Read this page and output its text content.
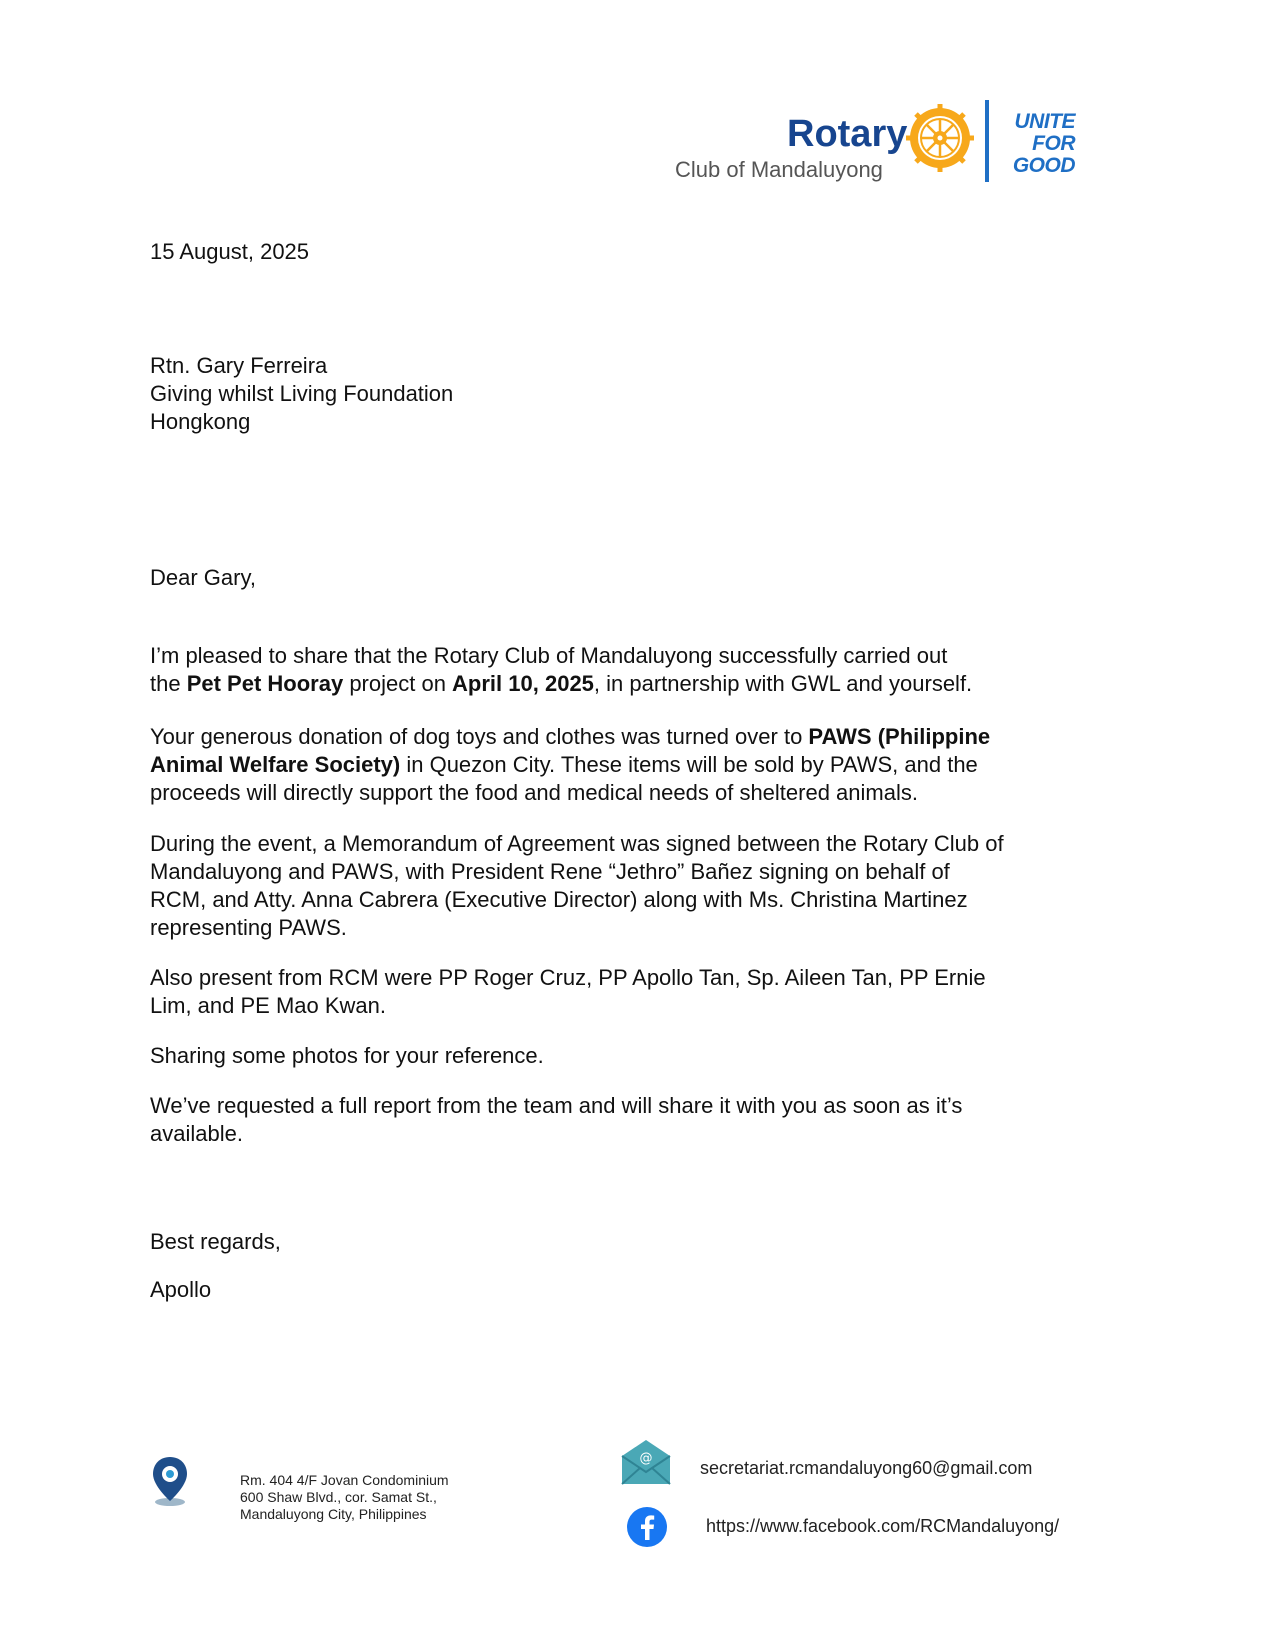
Rotary
Club of Mandaluyong
UNITE
FOR
GOOD
15 August, 2025
Rtn. Gary Ferreira
Giving whilst Living Foundation
Hongkong
Dear Gary,
I’m pleased to share that the Rotary Club of Mandaluyong successfully carried out
the Pet Pet Hooray project on April 10, 2025, in partnership with GWL and yourself.
Your generous donation of dog toys and clothes was turned over to PAWS (Philippine
Animal Welfare Society) in Quezon City. These items will be sold by PAWS, and the
proceeds will directly support the food and medical needs of sheltered animals.
During the event, a Memorandum of Agreement was signed between the Rotary Club of
Mandaluyong and PAWS, with President Rene “Jethro” Bañez signing on behalf of
RCM, and Atty. Anna Cabrera (Executive Director) along with Ms. Christina Martinez
representing PAWS.
Also present from RCM were PP Roger Cruz, PP Apollo Tan, Sp. Aileen Tan, PP Ernie
Lim, and PE Mao Kwan.
Sharing some photos for your reference.
We’ve requested a full report from the team and will share it with you as soon as it’s
available.
Best regards,
Apollo
Rm. 404 4/F Jovan Condominium
600 Shaw Blvd., cor. Samat St.,
Mandaluyong City, Philippines
@	secretariat.rcmandaluyong60@gmail.com
https://www.facebook.com/RCMandaluyong/
